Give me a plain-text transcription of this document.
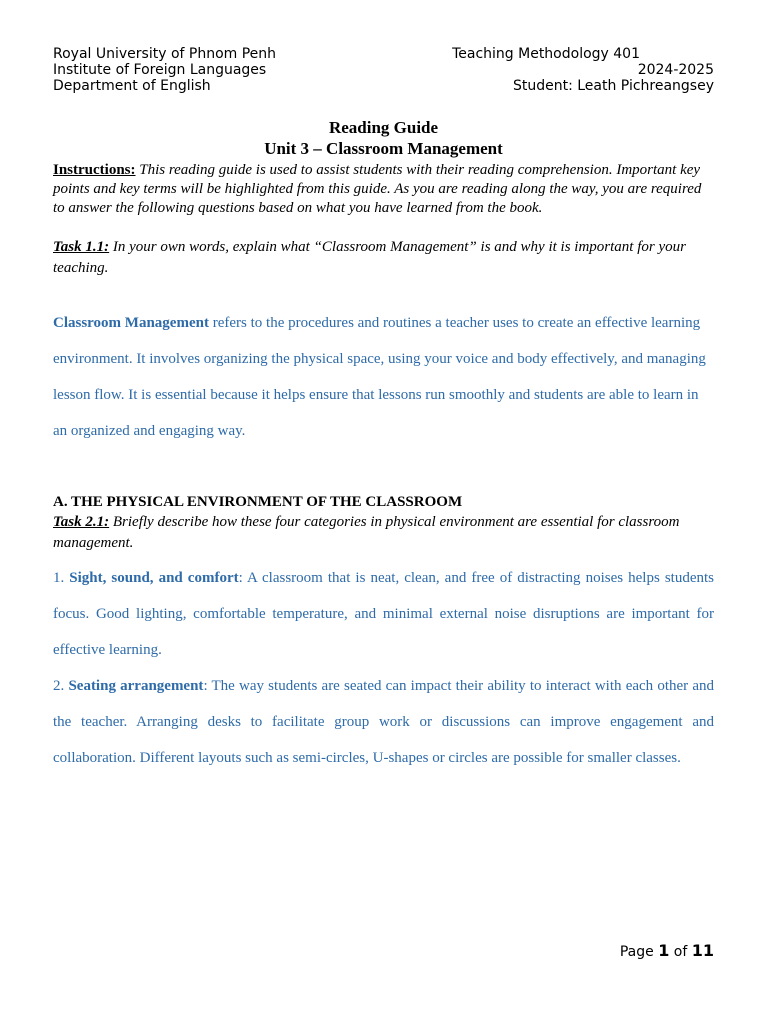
Royal University of Phnom Penh
Institute of Foreign Languages
Department of English
Teaching Methodology 401
2024-2025
Student: Leath Pichreangsey
Reading Guide
Unit 3 – Classroom Management
Instructions: This reading guide is used to assist students with their reading comprehension. Important key points and key terms will be highlighted from this guide. As you are reading along the way, you are required to answer the following questions based on what you have learned from the book.
Task 1.1: In your own words, explain what “Classroom Management” is and why it is important for your teaching.
Classroom Management refers to the procedures and routines a teacher uses to create an effective learning environment. It involves organizing the physical space, using your voice and body effectively, and managing lesson flow. It is essential because it helps ensure that lessons run smoothly and students are able to learn in an organized and engaging way.
A. THE PHYSICAL ENVIRONMENT OF THE CLASSROOM
Task 2.1: Briefly describe how these four categories in physical environment are essential for classroom management.
1. Sight, sound, and comfort: A classroom that is neat, clean, and free of distracting noises helps students focus. Good lighting, comfortable temperature, and minimal external noise disruptions are important for effective learning.
2. Seating arrangement: The way students are seated can impact their ability to interact with each other and the teacher. Arranging desks to facilitate group work or discussions can improve engagement and collaboration. Different layouts such as semi-circles, U-shapes or circles are possible for smaller classes.
Page 1 of 11
